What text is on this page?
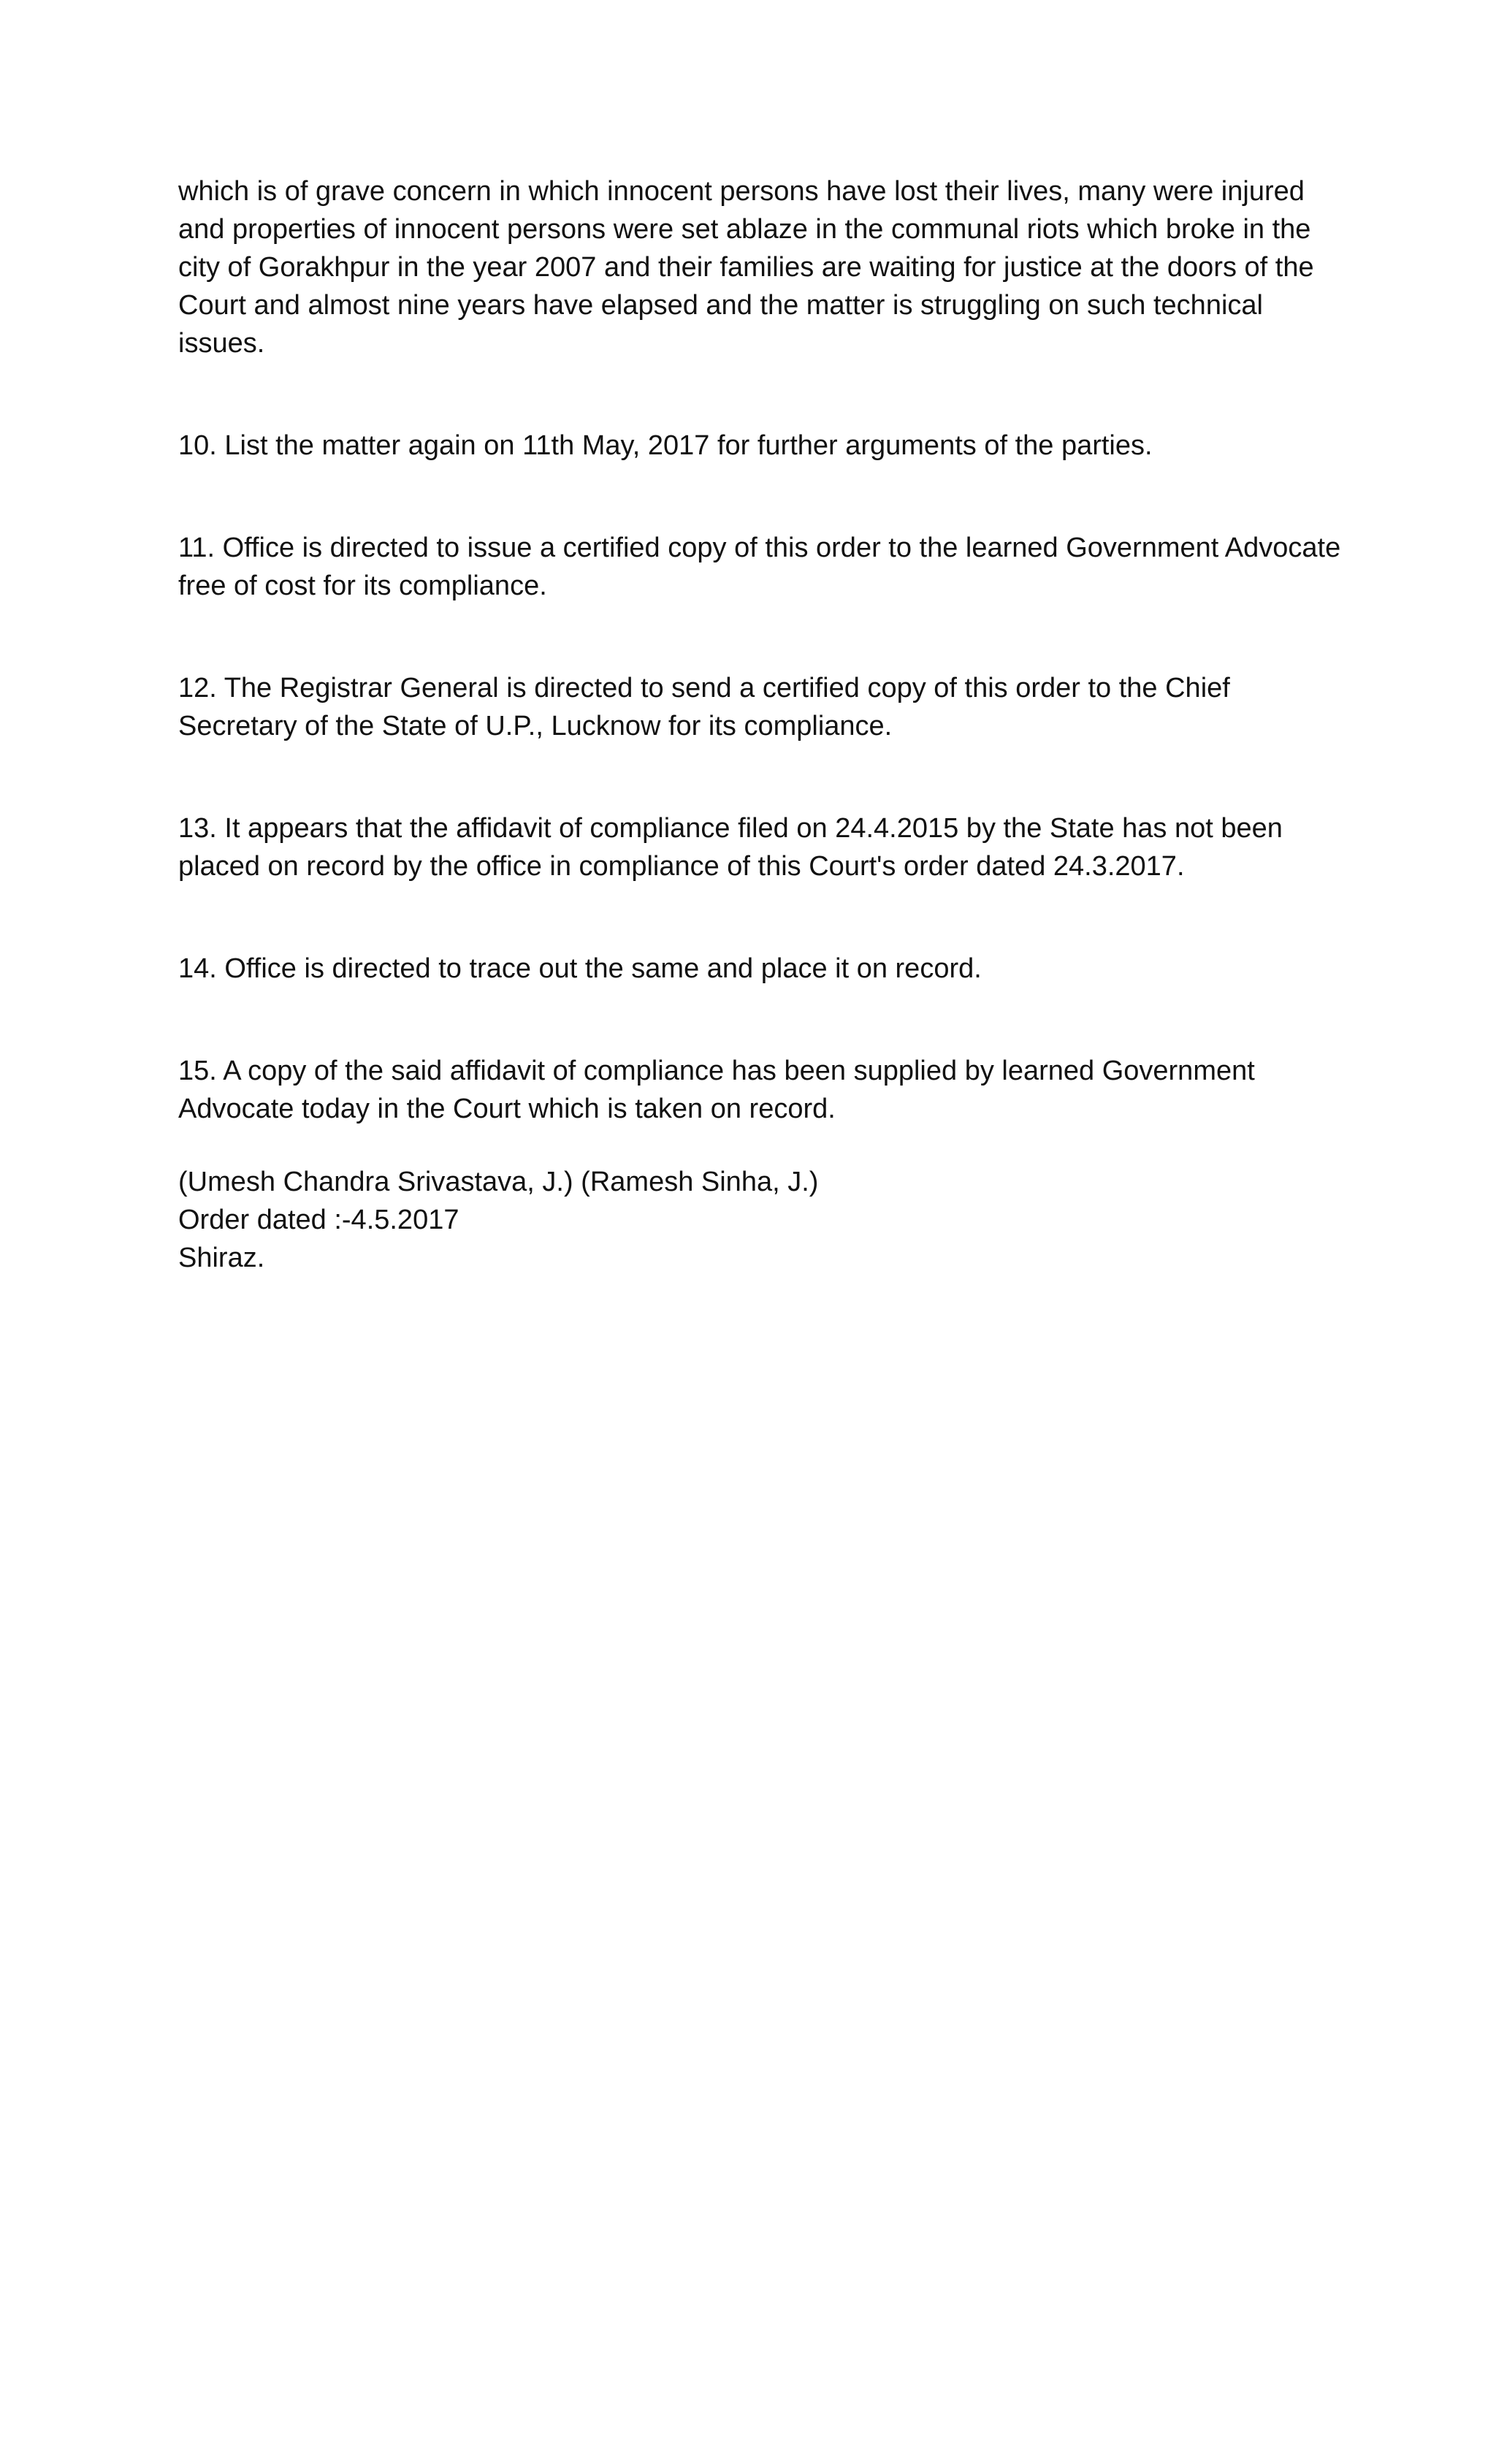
which is of grave concern in which innocent persons have lost their lives, many were injured and properties of innocent persons were set ablaze in the communal riots which broke in the city of Gorakhpur in the year 2007 and their families are waiting for justice at the doors of the Court and almost nine years have elapsed and the matter is struggling on such technical issues.

10. List the matter again on 11th May, 2017 for further arguments of the parties.

11. Office is directed to issue a certified copy of this order to the learned Government Advocate free of cost for its compliance.

12. The Registrar General is directed to send a certified copy of this order to the Chief Secretary of the State of U.P., Lucknow for its compliance.

13. It appears that the affidavit of compliance filed on 24.4.2015 by the State has not been placed on record by the office in compliance of this Court's order dated 24.3.2017.

14. Office is directed to trace out the same and place it on record.

15. A copy of the said affidavit of compliance has been supplied by learned Government Advocate today in the Court which is taken on record.

(Umesh Chandra Srivastava, J.) (Ramesh Sinha, J.)
Order dated :-4.5.2017
Shiraz.
